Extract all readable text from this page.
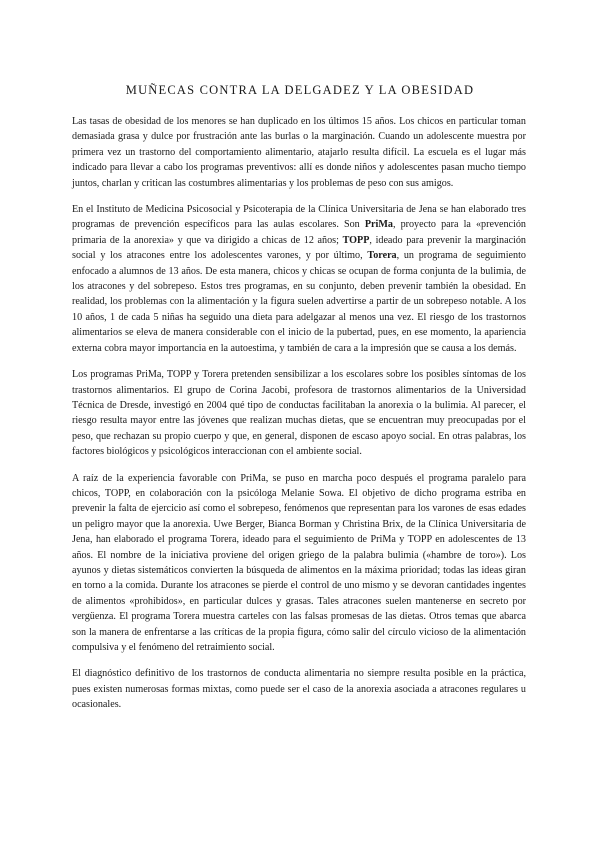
MUÑECAS CONTRA LA DELGADEZ Y LA OBESIDAD

Las tasas de obesidad de los menores se han duplicado en los últimos 15 años. Los chicos en particular toman demasiada grasa y dulce por frustración ante las burlas o la marginación. Cuando un adolescente muestra por primera vez un trastorno del comportamiento alimentario, atajarlo resulta difícil. La escuela es el lugar más indicado para llevar a cabo los programas preventivos: allí es donde niños y adolescentes pasan mucho tiempo juntos, charlan y critican las costumbres alimentarias y los problemas de peso con sus amigos.

En el Instituto de Medicina Psicosocial y Psicoterapia de la Clínica Universitaria de Jena se han elaborado tres programas de prevención específicos para las aulas escolares. Son PriMa, proyecto para la «prevención primaria de la anorexia» y que va dirigido a chicas de 12 años; TOPP, ideado para prevenir la marginación social y los atracones entre los adolescentes varones, y por último, Torera, un programa de seguimiento enfocado a alumnos de 13 años. De esta manera, chicos y chicas se ocupan de forma conjunta de la bulimia, de los atracones y del sobrepeso. Estos tres programas, en su conjunto, deben prevenir también la obesidad. En realidad, los problemas con la alimentación y la figura suelen advertirse a partir de un sobrepeso notable. A los 10 años, 1 de cada 5 niñas ha seguido una dieta para adelgazar al menos una vez. El riesgo de los trastornos alimentarios se eleva de manera considerable con el inicio de la pubertad, pues, en ese momento, la apariencia externa cobra mayor importancia en la autoestima, y también de cara a la impresión que se causa a los demás.

Los programas PriMa, TOPP y Torera pretenden sensibilizar a los escolares sobre los posibles síntomas de los trastornos alimentarios. El grupo de Corina Jacobi, profesora de trastornos alimentarios de la Universidad Técnica de Dresde, investigó en 2004 qué tipo de conductas facilitaban la anorexia o la bulimia. Al parecer, el riesgo resulta mayor entre las jóvenes que realizan muchas dietas, que se encuentran muy preocupadas por el peso, que rechazan su propio cuerpo y que, en general, disponen de escaso apoyo social. En otras palabras, los factores biológicos y psicológicos interaccionan con el ambiente social.

A raíz de la experiencia favorable con PriMa, se puso en marcha poco después el programa paralelo para chicos, TOPP, en colaboración con la psicóloga Melanie Sowa. El objetivo de dicho programa estriba en prevenir la falta de ejercicio así como el sobrepeso, fenómenos que representan para los varones de esas edades un peligro mayor que la anorexia. Uwe Berger, Bianca Borman y Christina Brix, de la Clínica Universitaria de Jena, han elaborado el programa Torera, ideado para el seguimiento de PriMa y TOPP en adolescentes de 13 años. El nombre de la iniciativa proviene del origen griego de la palabra bulimia («hambre de toro»). Los ayunos y dietas sistemáticos convierten la búsqueda de alimentos en la máxima prioridad; todas las ideas giran en torno a la comida. Durante los atracones se pierde el control de uno mismo y se devoran cantidades ingentes de alimentos «prohibidos», en particular dulces y grasas. Tales atracones suelen mantenerse en secreto por vergüenza. El programa Torera muestra carteles con las falsas promesas de las dietas. Otros temas que abarca son la manera de enfrentarse a las críticas de la propia figura, cómo salir del círculo vicioso de la alimentación compulsiva y el fenómeno del retraimiento social.

El diagnóstico definitivo de los trastornos de conducta alimentaria no siempre resulta posible en la práctica, pues existen numerosas formas mixtas, como puede ser el caso de la anorexia asociada a atracones regulares u ocasionales.
